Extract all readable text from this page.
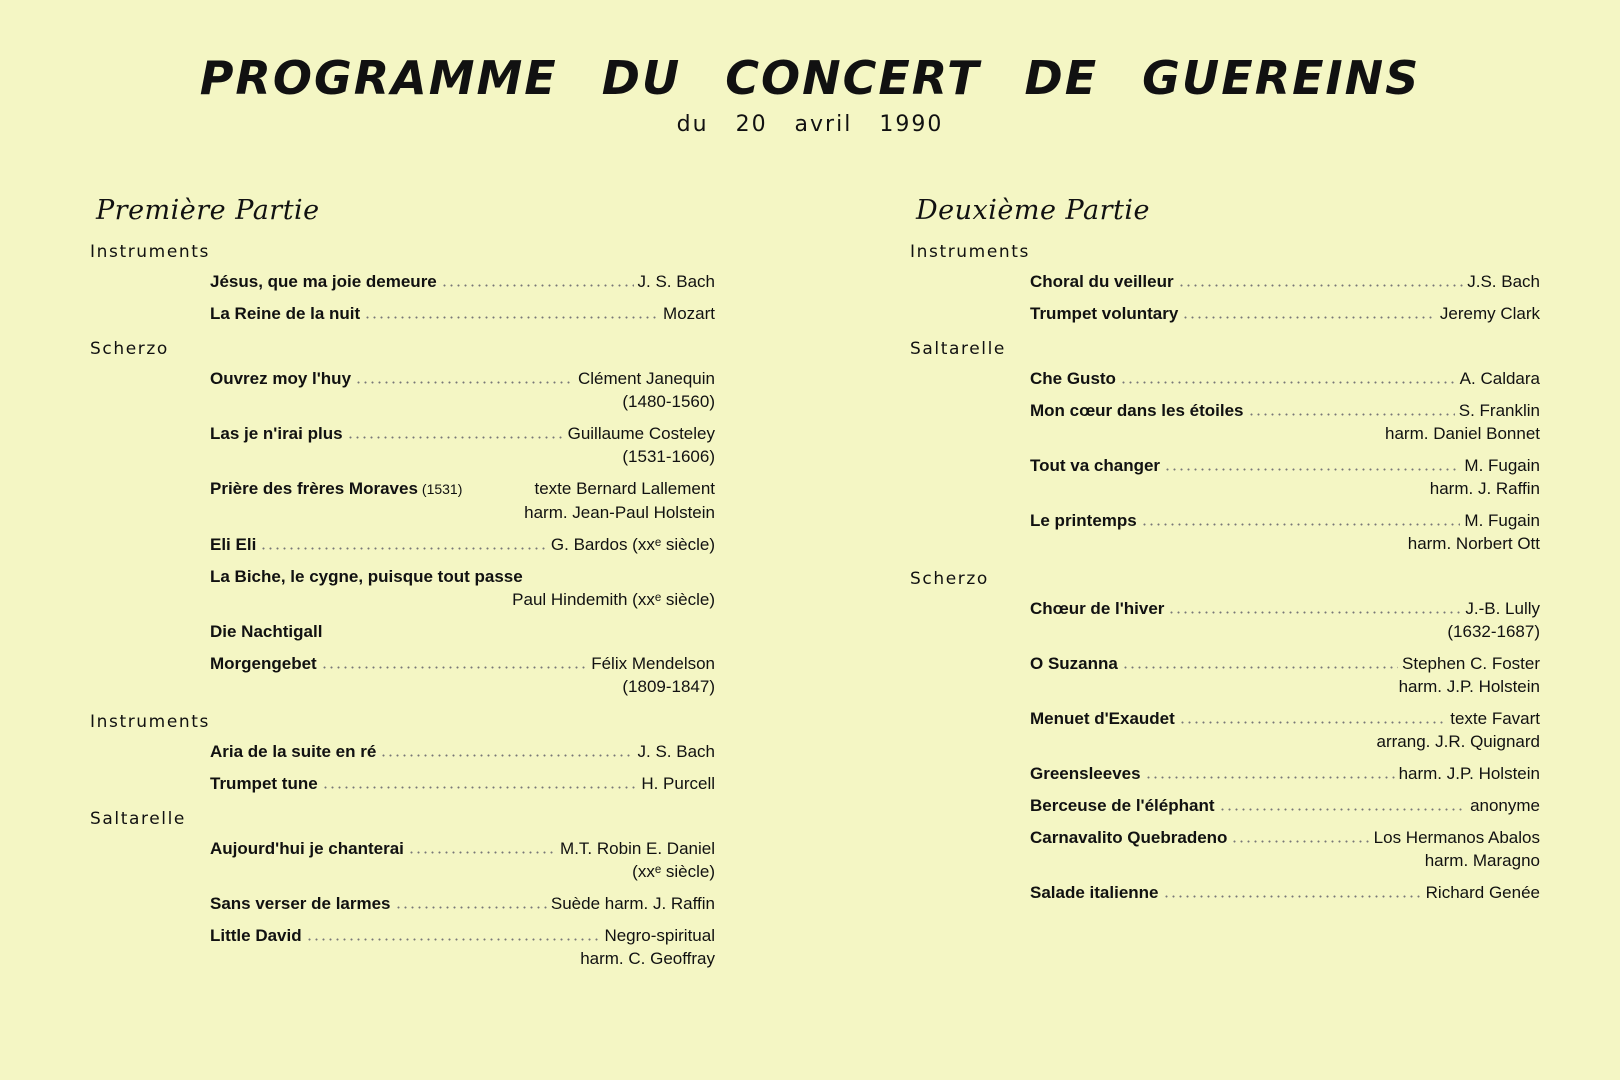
PROGRAMME DU CONCERT DE GUEREINS
du 20 avril 1990
Première Partie
Instruments
Jésus, que ma joie demeure	J. S. Bach
La Reine de la nuit	Mozart
Scherzo
Ouvrez moy l'huy	Clément Janequin
(1480-1560)
Las je n'irai plus	Guillaume Costeley
(1531-1606)
Prière des frères Moraves (1531)	texte Bernard Lallement
harm. Jean-Paul Holstein
Eli Eli	G. Bardos (xxᵉ siècle)
La Biche, le cygne, puisque tout passe
Paul Hindemith (xxᵉ siècle)
Die Nachtigall
Morgengebet	Félix Mendelson
(1809-1847)
Instruments
Aria de la suite en ré	J. S. Bach
Trumpet tune	H. Purcell
Saltarelle
Aujourd'hui je chanterai	M.T. Robin E. Daniel
(xxᵉ siècle)
Sans verser de larmes	Suède harm. J. Raffin
Little David	Negro-spiritual
harm. C. Geoffray
Deuxième Partie
Instruments
Choral du veilleur	J.S. Bach
Trumpet voluntary	Jeremy Clark
Saltarelle
Che Gusto	A. Caldara
Mon cœur dans les étoiles	S. Franklin
harm. Daniel Bonnet
Tout va changer	M. Fugain
harm. J. Raffin
Le printemps	M. Fugain
harm. Norbert Ott
Scherzo
Chœur de l'hiver	J.-B. Lully
(1632-1687)
O Suzanna	Stephen C. Foster
harm. J.P. Holstein
Menuet d'Exaudet	texte Favart
arrang. J.R. Quignard
Greensleeves	harm. J.P. Holstein
Berceuse de l'éléphant	anonyme
Carnavalito Quebradeno	Los Hermanos Abalos
harm. Maragno
Salade italienne	Richard Genée
